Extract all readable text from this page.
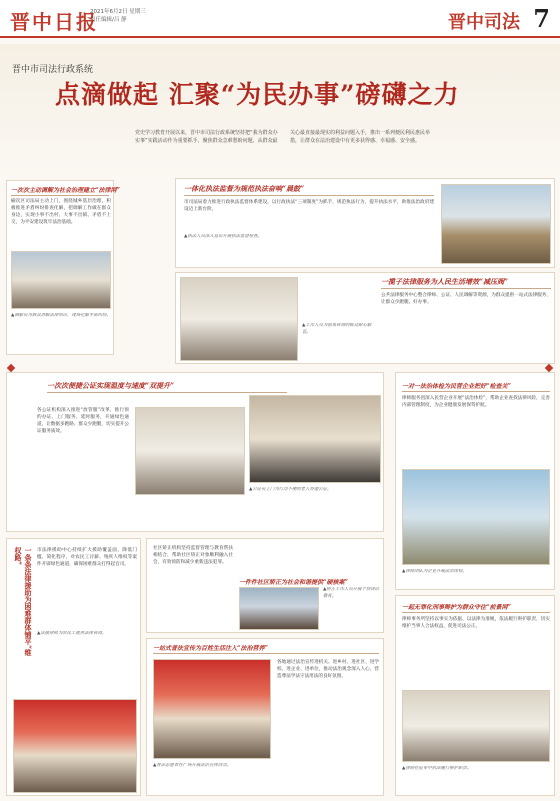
晋中日报
2021年6月2日 星期三
责任编辑/吕 静	晋中司法 7
晋中市司法行政系统
点滴做起 汇聚“为民办事”磅礴之力
党史学习教育开展以来，晋中市司法行政系统坚持把“我为群众办实事”实践活动作为重要抓手，聚焦群众急难愁盼问题，从群众最关心最直接最现实的利益问题入手，推出一系列便民利民惠民举措，让群众在法治建设中有更多获得感、幸福感、安全感。
一次次主动调解为社会治理建立“法律网”
榆次区司法局主动上门，围绕城乡基层治理，积极推进矛盾纠纷排查化解，把调解工作做在群众身边，实现小事不出村、大事不出镇、矛盾不上交，为平安建设筑牢法治基础。
▲调解员为群众讲解法律知识，现场化解矛盾纠纷。
一体化执法监督为规范执法奋响“晨鼓”
市司法局着力推进行政执法监督体系建设，以行政执法“三项制度”为抓手，规范执法行为，提升执法水平，助推法治政府建设迈上新台阶。
▲执法人员深入基层开展执法监督检查。
一揽子法律服务为人民生活增效“减压阀”
公共法律服务中心整合律师、公证、人民调解等资源，为群众提供一站式法律服务，让群众少跑腿、好办事。
▲工作人员为前来咨询的群众耐心解答。
一次次便捷公证实现温度与速度“双提升”
各公证机构深入推进“放管服”改革，推行预约办证、上门服务、延时服务，开通绿色通道，让数据多跑路、群众少跑腿，切实提升公证服务质效。
▲公证员上门为行动不便的老人办理公证。
一对一法治体检为民营企业把好“检查关”
律师服务团深入民营企业开展“法治体检”，帮助企业查找法律风险，完善内部管理制度，为企业健康发展保驾护航。
▲律师团队为企业开展法治体检。
一条条法律援助为困难群体铺平“维权路”	市法律援助中心持续扩大援助覆盖面，降低门槛、简化程序，对农民工讨薪、残疾人维权等案件开辟绿色通道，确保困难群众打得起官司。
▲法援律师为农民工提供法律咨询。
社区矫正机构坚持监督管理与教育帮扶相结合，帮助社区矫正对象顺利融入社会，有效预防和减少重新违法犯罪。
一件件社区矫正为社会和谐提供“硬核案”
▲矫正工作人员开展个别谈话教育。
一站式普法宣传为百姓生活注入“法治营养”
各地通过法治宣传进机关、进乡村、进社区、进学校、进企业、进单位，推动法治观念深入人心，营造尊法学法守法用法的良好氛围。
▲普法志愿者在广场开展法治宣传活动。
一起无罪化刑事辩护为群众守住“前景网”
律师事务所坚持以事实为依据、以法律为准绳，依法履行辩护职责，切实维护当事人合法权益，促进司法公正。
▲律师在庭审中依法履行辩护职责。
